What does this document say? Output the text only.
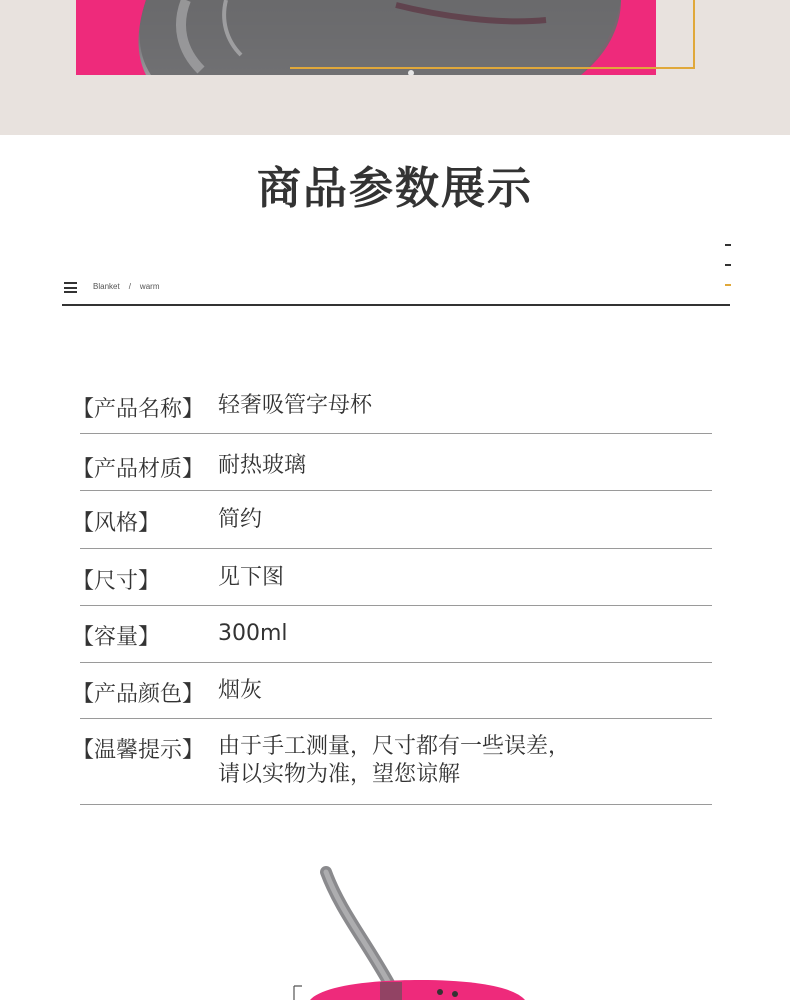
商品参数展示
Blanket / warm
【产品名称】 轻奢吸管字母杯
【产品材质】 耐热玻璃
【风格】	简约
【尺寸】	见下图
【容量】	300ml
【产品颜色】 烟灰
【温馨提示】 由于手工测量，尺寸都有一些误差，
请以实物为准，望您谅解
